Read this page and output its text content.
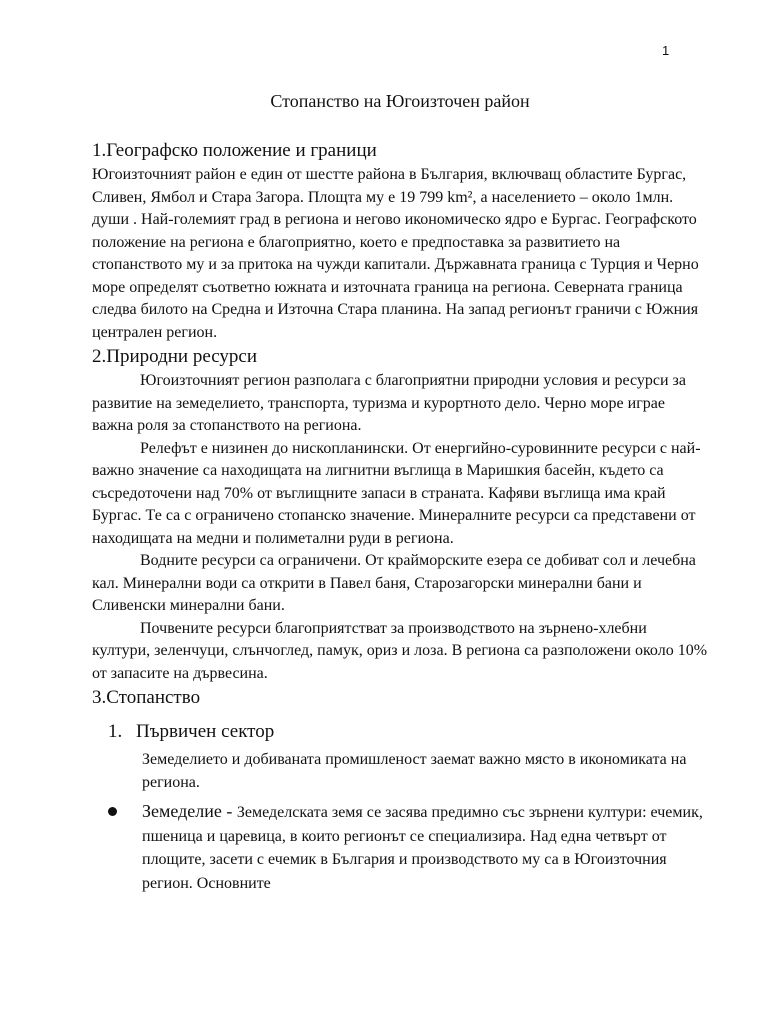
1
Стопанство на Югоизточен район
1.Географско положение и граници

Югоизточният район е един от шестте района в България, включващ областите Бургас, Сливен, Ямбол и Стара Загора. Площта му е 19 799 km², а населението – около 1млн. души . Най-големият град в региона и негово икономическо ядро е Бургас. Географското положение на региона е благоприятно, което е предпоставка за развитието на стопанството му и за притока на чужди капитали. Държавната граница с Турция и Черно море определят съответно южната и източната граница на региона. Северната граница следва билото на Средна и Източна Стара планина. На запад регионът граничи с Южния централен регион.

2.Природни ресурси

Югоизточният регион разполага с благоприятни природни условия и ресурси за развитие на земеделието, транспорта, туризма и курортното дело. Черно море играе важна роля за стопанството на региона.

Релефът е низинен до нископланински. От енергийно-суровинните ресурси с най-важно значение са находищата на лигнитни въглища в Маришкия басейн, където са съсредоточени над 70% от въглищните запаси в страната. Кафяви въглища има край Бургас. Те са с ограничено стопанско значение. Минералните ресурси са представени от находищата на медни и полиметални руди в региона.

Водните ресурси са ограничени. От крайморските езера се добиват сол и лечебна кал. Минерални води са открити в Павел баня, Старозагорски минерални бани и Сливенски минерални бани.

Почвените ресурси благоприятстват за производството на зърнено-хлебни култури, зеленчуци, слънчоглед, памук, ориз и лоза. В региона са разположени около 10% от запасите на дървесина.

3.Стопанство
1. Първичен сектор

Земеделието и добиваната промишленост заемат важно място в икономиката на региона.

Земеделие - Земеделската земя се засява предимно със зърнени култури: ечемик, пшеница и царевица, в които регионът се специализира. Над една четвърт от площите, засети с ечемик в България и производството му са в Югоизточния регион. Основните
